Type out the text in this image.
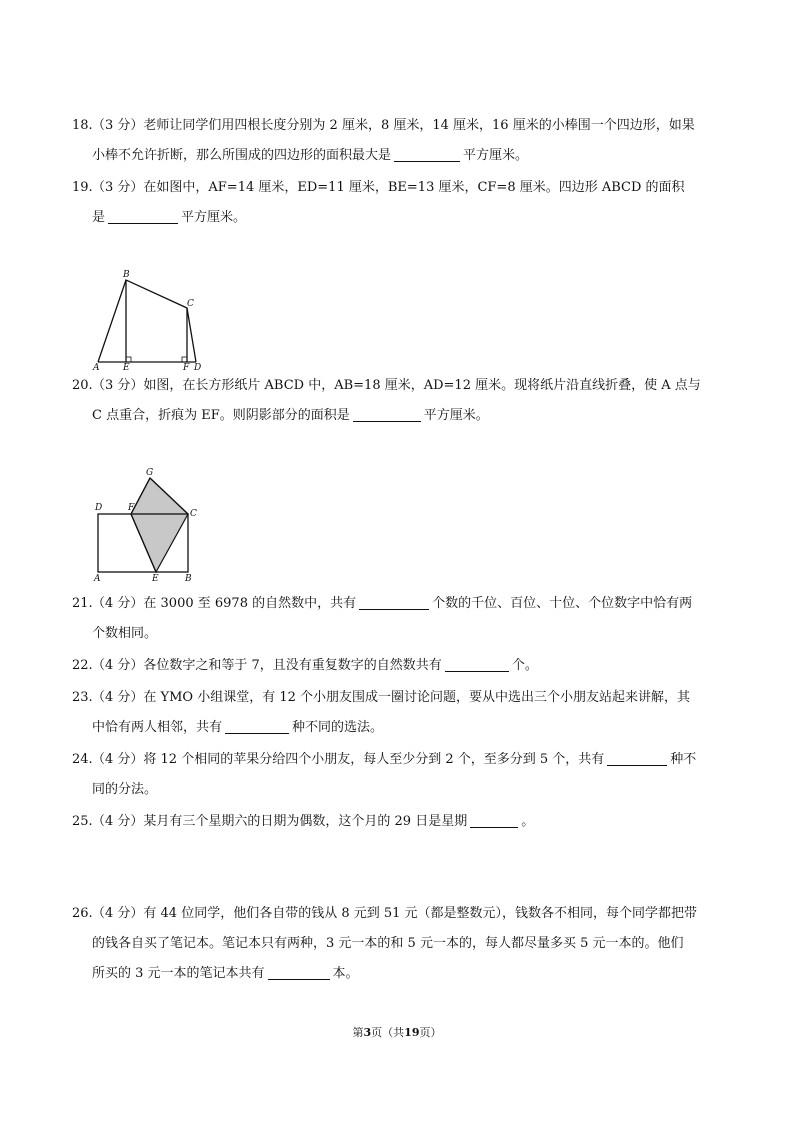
18. （3 分）老师让同学们用四根长度分别为 2 厘米，8 厘米，14 厘米，16 厘米的小棒围一个四边形，如果
小棒不允许折断，那么所围成的四边形的面积最大是	平方厘米。
19. （3 分）在如图中，AF=14 厘米，ED=11 厘米，BE=13 厘米，CF=8 厘米。四边形 ABCD 的面积
是	平方厘米。
B
C
A	E	F D
20. （3 分）如图，在长方形纸片 ABCD 中，AB=18 厘米，AD=12 厘米。现将纸片沿直线折叠，使 A 点与
C 点重合，折痕为 EF。则阴影部分的面积是	平方厘米。
G
D	F
C
A	E	B
21. （4 分）在 3000 至 6978 的自然数中，共有	个数的千位、百位、十位、个位数字中恰有两
个数相同。
22. （4 分）各位数字之和等于 7，且没有重复数字的自然数共有	个。
23. （4 分）在 YMO 小组课堂，有 12 个小朋友围成一圈讨论问题，要从中选出三个小朋友站起来讲解，其
中恰有两人相邻，共有	种不同的选法。
24. （4 分）将 12 个相同的苹果分给四个小朋友，每人至少分到 2 个，至多分到 5 个，共有	种不
同的分法。
25. （4 分）某月有三个星期六的日期为偶数，这个月的 29 日是星期	。
26. （4 分）有 44 位同学，他们各自带的钱从 8 元到 51 元（都是整数元），钱数各不相同，每个同学都把带
的钱各自买了笔记本。笔记本只有两种，3 元一本的和 5 元一本的，每人都尽量多买 5 元一本的。他们
所买的 3 元一本的笔记本共有	本。
第3页（共19页）
